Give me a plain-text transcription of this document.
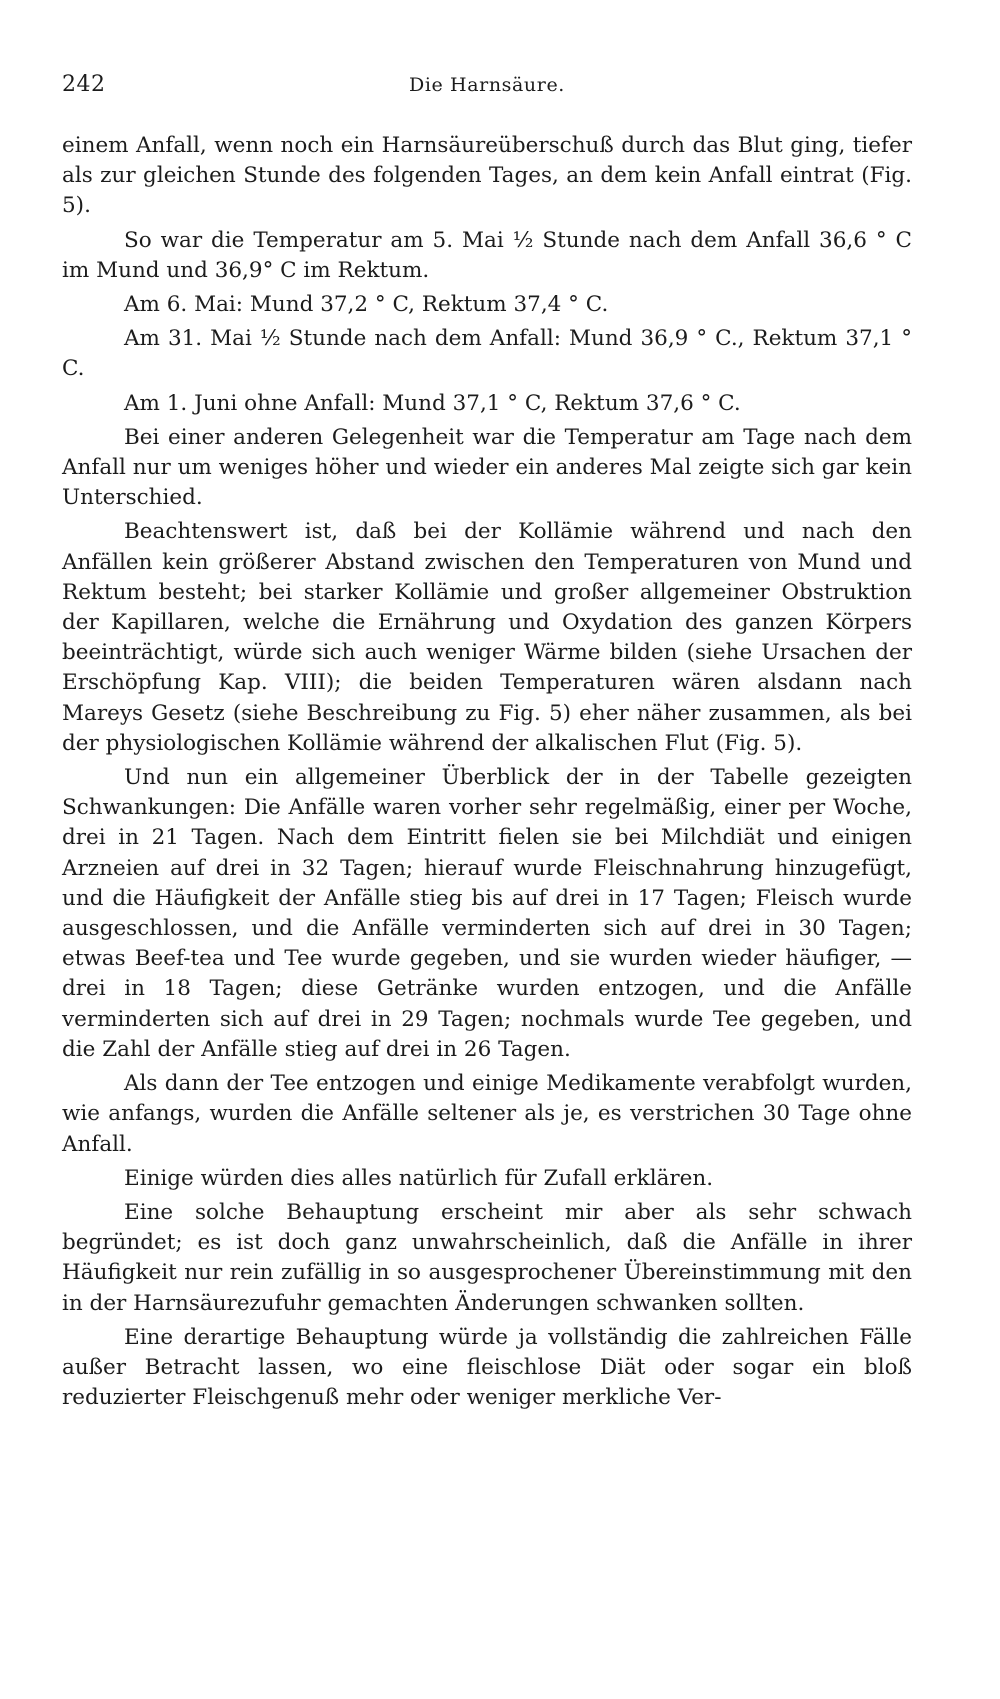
242	Die Harnsäure.

einem Anfall, wenn noch ein Harnsäureüberschuß durch das Blut ging, tiefer als zur gleichen Stunde des folgenden Tages, an dem kein Anfall eintrat (Fig. 5).

So war die Temperatur am 5. Mai ½ Stunde nach dem Anfall 36,6 ° C im Mund und 36,9° C im Rektum.

Am 6. Mai: Mund 37,2 ° C, Rektum 37,4 ° C.

Am 31. Mai ½ Stunde nach dem Anfall: Mund 36,9 ° C., Rektum 37,1 ° C.

Am 1. Juni ohne Anfall: Mund 37,1 ° C, Rektum 37,6 ° C.

Bei einer anderen Gelegenheit war die Temperatur am Tage nach dem Anfall nur um weniges höher und wieder ein anderes Mal zeigte sich gar kein Unterschied.

Beachtenswert ist, daß bei der Kollämie während und nach den Anfällen kein größerer Abstand zwischen den Temperaturen von Mund und Rektum besteht; bei starker Kollämie und großer allgemeiner Obstruktion der Kapillaren, welche die Ernährung und Oxydation des ganzen Körpers beeinträchtigt, würde sich auch weniger Wärme bilden (siehe Ursachen der Erschöpfung Kap. VIII); die beiden Temperaturen wären alsdann nach Mareys Gesetz (siehe Beschreibung zu Fig. 5) eher näher zusammen, als bei der physiologischen Kollämie während der alkalischen Flut (Fig. 5).

Und nun ein allgemeiner Überblick der in der Tabelle gezeigten Schwankungen: Die Anfälle waren vorher sehr regelmäßig, einer per Woche, drei in 21 Tagen. Nach dem Eintritt fielen sie bei Milchdiät und einigen Arzneien auf drei in 32 Tagen; hierauf wurde Fleischnahrung hinzugefügt, und die Häufigkeit der Anfälle stieg bis auf drei in 17 Tagen; Fleisch wurde ausgeschlossen, und die Anfälle verminderten sich auf drei in 30 Tagen; etwas Beef-tea und Tee wurde gegeben, und sie wurden wieder häufiger, — drei in 18 Tagen; diese Getränke wurden entzogen, und die Anfälle verminderten sich auf drei in 29 Tagen; nochmals wurde Tee gegeben, und die Zahl der Anfälle stieg auf drei in 26 Tagen.

Als dann der Tee entzogen und einige Medikamente verabfolgt wurden, wie anfangs, wurden die Anfälle seltener als je, es verstrichen 30 Tage ohne Anfall.

Einige würden dies alles natürlich für Zufall erklären.

Eine solche Behauptung erscheint mir aber als sehr schwach begründet; es ist doch ganz unwahrscheinlich, daß die Anfälle in ihrer Häufigkeit nur rein zufällig in so ausgesprochener Übereinstimmung mit den in der Harnsäurezufuhr gemachten Änderungen schwanken sollten.

Eine derartige Behauptung würde ja vollständig die zahlreichen Fälle außer Betracht lassen, wo eine fleischlose Diät oder sogar ein bloß reduzierter Fleischgenuß mehr oder weniger merkliche Ver-
